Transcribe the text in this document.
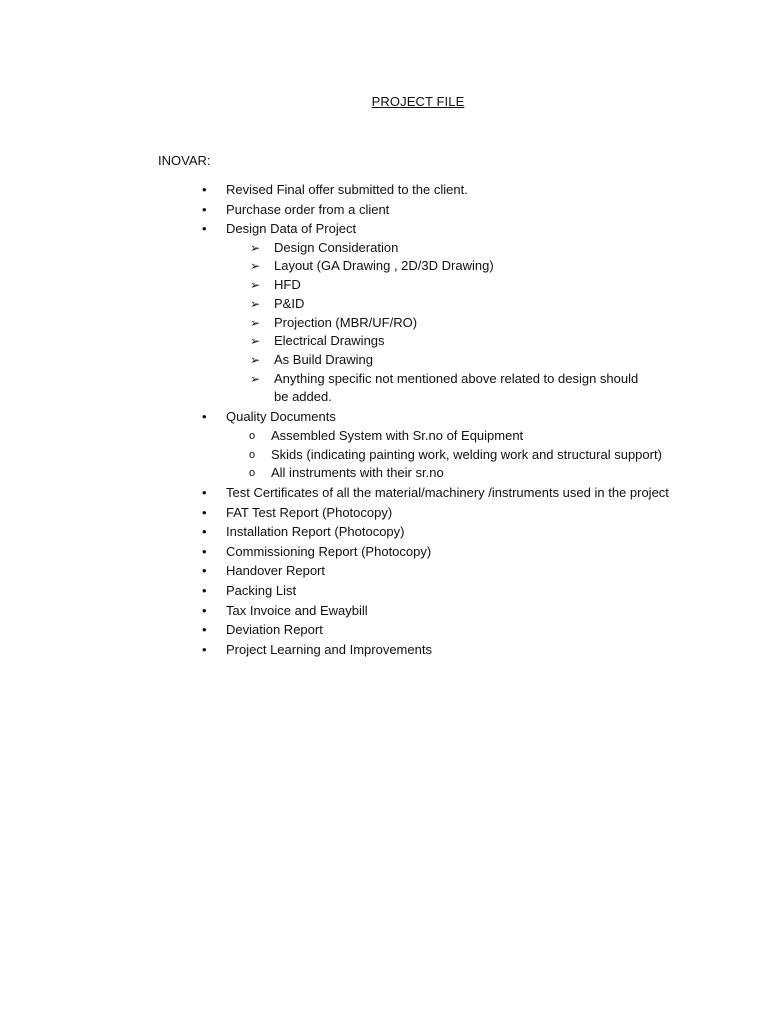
PROJECT FILE
INOVAR:
• Revised Final offer submitted to the client.
• Purchase order from a client
• Design Data of Project
➢ Design Consideration
➢ Layout (GA Drawing , 2D/3D Drawing)
➢ HFD
➢ P&ID
➢ Projection (MBR/UF/RO)
➢ Electrical Drawings
➢ As Build Drawing
➢ Anything specific not mentioned above related to design should be added.
• Quality Documents
o Assembled System with Sr.no of Equipment
o Skids (indicating painting work, welding work and structural support)
o All instruments with their sr.no
• Test Certificates of all the material/machinery /instruments used in the project
• FAT Test Report (Photocopy)
• Installation Report (Photocopy)
• Commissioning Report (Photocopy)
• Handover Report
• Packing List
• Tax Invoice and Ewaybill
• Deviation Report
• Project Learning and Improvements
